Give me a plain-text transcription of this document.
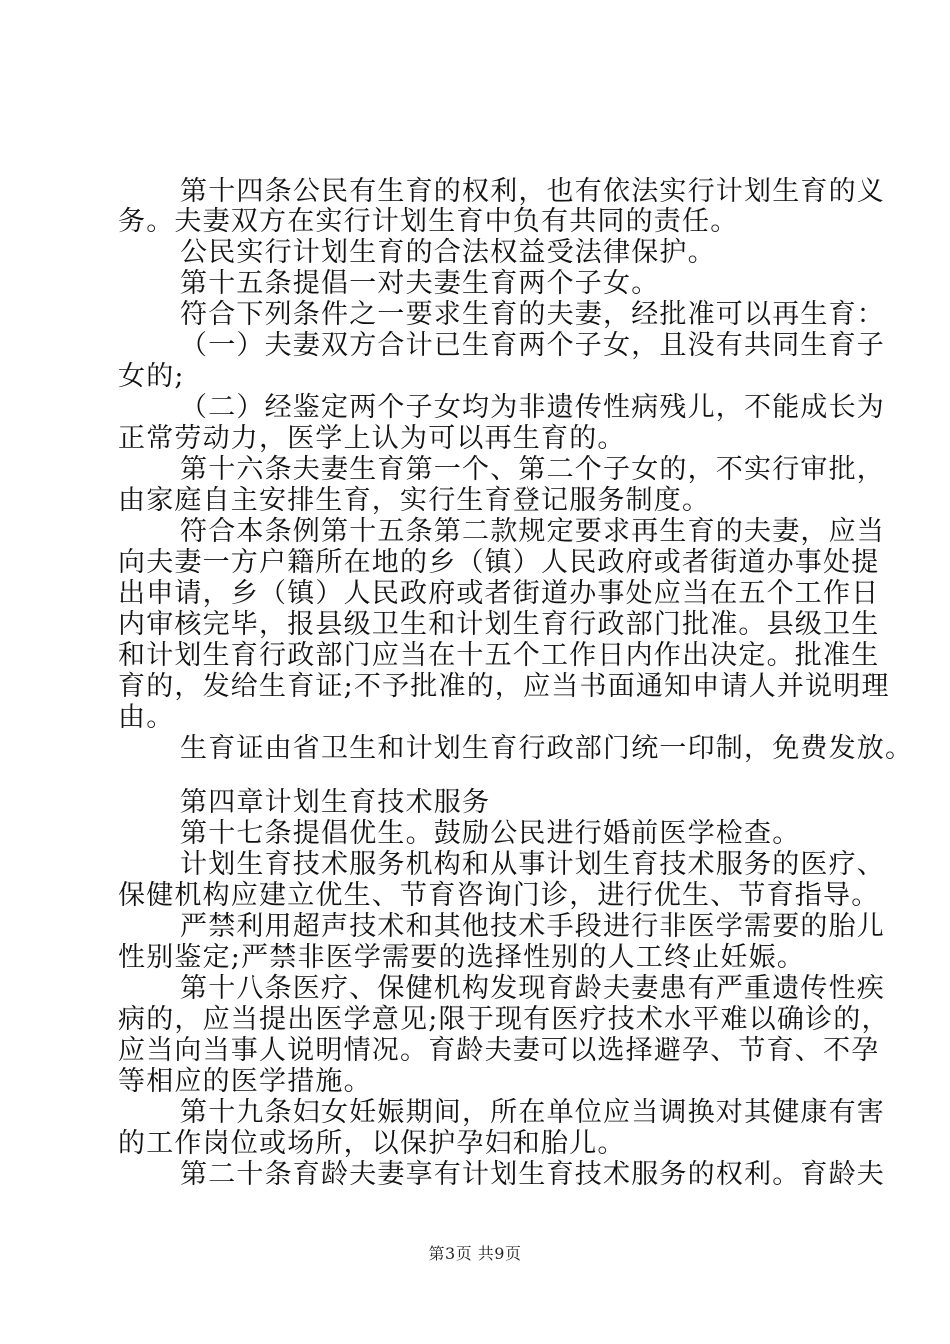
第十四条公民有生育的权利，也有依法实行计划生育的义
务。夫妻双方在实行计划生育中负有共同的责任。
公民实行计划生育的合法权益受法律保护。
第十五条提倡一对夫妻生育两个子女。
符合下列条件之一要求生育的夫妻，经批准可以再生育：
（一）夫妻双方合计已生育两个子女，且没有共同生育子
女的;
（二）经鉴定两个子女均为非遗传性病残儿，不能成长为
正常劳动力，医学上认为可以再生育的。
第十六条夫妻生育第一个、第二个子女的，不实行审批，
由家庭自主安排生育，实行生育登记服务制度。
符合本条例第十五条第二款规定要求再生育的夫妻，应当
向夫妻一方户籍所在地的乡（镇）人民政府或者街道办事处提
出申请，乡（镇）人民政府或者街道办事处应当在五个工作日
内审核完毕，报县级卫生和计划生育行政部门批准。县级卫生
和计划生育行政部门应当在十五个工作日内作出决定。批准生
育的，发给生育证;不予批准的，应当书面通知申请人并说明理
由。
生育证由省卫生和计划生育行政部门统一印制，免费发放。
第四章计划生育技术服务
第十七条提倡优生。鼓励公民进行婚前医学检查。
计划生育技术服务机构和从事计划生育技术服务的医疗、
保健机构应建立优生、节育咨询门诊，进行优生、节育指导。
严禁利用超声技术和其他技术手段进行非医学需要的胎儿
性别鉴定;严禁非医学需要的选择性别的人工终止妊娠。
第十八条医疗、保健机构发现育龄夫妻患有严重遗传性疾
病的，应当提出医学意见;限于现有医疗技术水平难以确诊的，
应当向当事人说明情况。育龄夫妻可以选择避孕、节育、不孕
等相应的医学措施。
第十九条妇女妊娠期间，所在单位应当调换对其健康有害
的工作岗位或场所，以保护孕妇和胎儿。
第二十条育龄夫妻享有计划生育技术服务的权利。育龄夫
第3页 共9页
